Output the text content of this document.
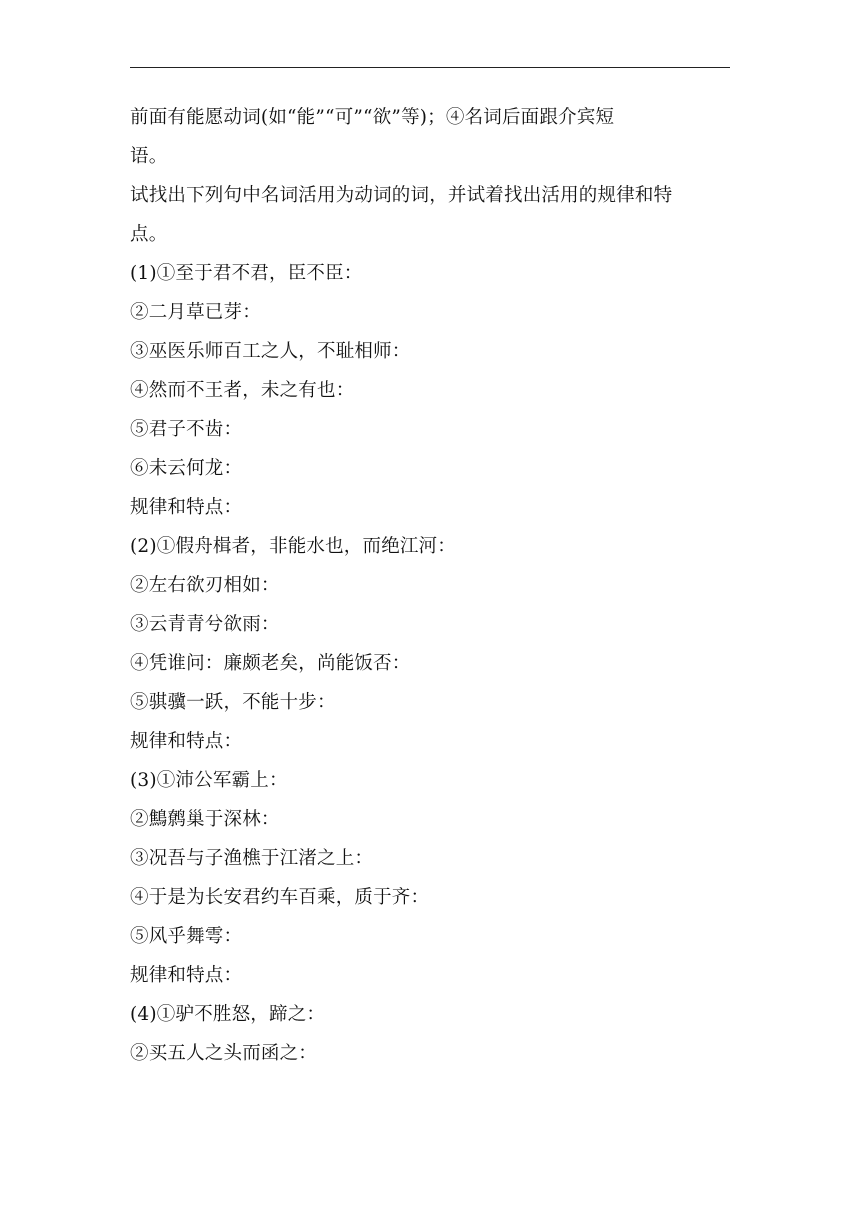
前面有能愿动词(如“能”“可”“欲”等)；④名词后面跟介宾短
语。
试找出下列句中名词活用为动词的词，并试着找出活用的规律和特
点。
(1)①至于君不君，臣不臣：
②二月草已芽：
③巫医乐师百工之人，不耻相师：
④然而不王者，未之有也：
⑤君子不齿：
⑥未云何龙：
规律和特点：
(2)①假舟楫者，非能水也，而绝江河：
②左右欲刃相如：
③云青青兮欲雨：
④凭谁问：廉颇老矣，尚能饭否：
⑤骐骥一跃，不能十步：
规律和特点：
(3)①沛公军霸上：
②鷦鹩巢于深林：
③况吾与子渔樵于江渚之上：
④于是为长安君约车百乘，质于齐：
⑤风乎舞雩：
规律和特点：
(4)①驴不胜怒，蹄之：
②买五人之头而函之：
